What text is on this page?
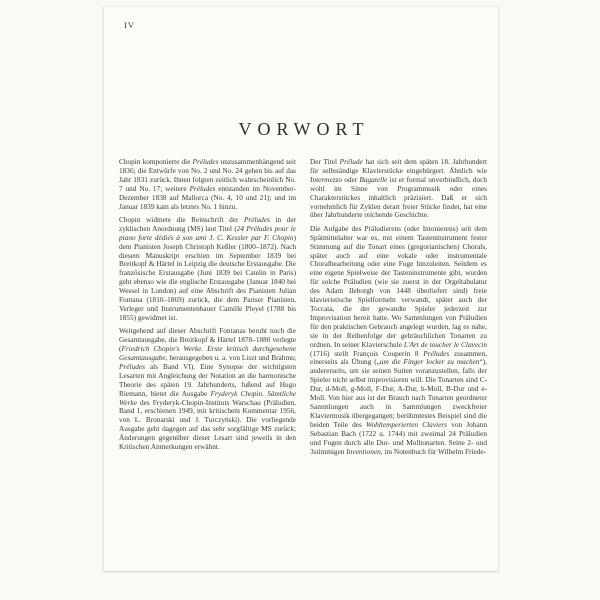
IV
VORWORT

Chopin komponierte die Préludes unzusammenhängend seit 1836; die Entwürfe von No. 2 und No. 24 gehen bis auf das Jahr 1831 zurück. Ihnen folgten zeitlich wahrscheinlich No. 7 und No. 17; weitere Préludes entstanden im November-Dezember 1838 auf Mallorca (No. 4, 10 und 21); und im Januar 1839 kam als letztes No. 1 hinzu.

Chopin widmete die Reinschrift der Préludes in der zyklischen Anordnung (MS) laut Titel (24 Préludes pour le piano forte dédiés à son ami J. C. Kessler par F. Chopin) dem Pianisten Joseph Christoph Keßler (1800–1872). Nach diesem Manuskript erschien im September 1839 bei Breitkopf & Härtel in Leipzig die deutsche Erstausgabe. Die französische Erstausgabe (Juni 1839 bei Catelin in Paris) geht ebenso wie die englische Erstausgabe (Januar 1840 bei Wessel in London) auf eine Abschrift des Pianisten Julian Fontana (1810–1869) zurück, die dem Pariser Pianisten, Verleger und Instrumentenbauer Camille Pleyel (1788 bis 1855) gewidmet ist.

Weitgehend auf dieser Abschrift Fontanas beruht noch die Gesamtausgabe, die Breitkopf & Härtel 1878–1880 verlegte (Friedrich Chopin's Werke. Erste kritisch durchgesehene Gesamtausgabe, herausgegeben u. a. von Liszt und Brahms; Préludes als Band VI). Eine Synopse der wichtigsten Lesarten mit Angleichung der Notation an die harmonische Theorie des späten 19. Jahrhunderts, fußend auf Hugo Riemann, bietet die Ausgabe Fryderyk Chopin. Sämtliche Werke des Fryderyk-Chopin-Instituts Warschau (Präludien, Band 1, erschienen 1949, mit kritischem Kommentar 1956, von L. Bronarski und J. Turczyński). Die vorliegende Ausgabe geht dagegen auf das sehr sorgfältige MS zurück; Änderungen gegenüber dieser Lesart sind jeweils in den Kritischen Anmerkungen erwähnt.

Der Titel Prélude hat sich seit dem späten 18. Jahrhundert für selbständige Klavierstücke eingebürgert. Ähnlich wie Intermezzo oder Bagatelle ist er formal unverbindlich, doch wohl im Sinne von Programmusik oder eines Charakterstückes inhaltlich präzisiert. Daß er sich vornehmlich für Zyklen derart freier Stücke findet, hat eine über Jahrhunderte reichende Geschichte.

Die Aufgabe des Präludierens (oder Intonierens) seit dem Spätmittelalter war es, mit einem Tasteninstrument fester Stimmung auf die Tonart eines (gregorianischen) Chorals, später auch auf eine vokale oder instrumentale Choralbearbeitung oder eine Fuge hinzuleiten. Seitdem es eine eigene Spielweise der Tasteninstrumente gibt, wurden für solche Präludien (wie sie zuerst in der Orgeltabulatur des Adam Ileborgh von 1448 überliefert sind) freie klavieristische Spielformeln verwandt, später auch der Toccata, die der gewandte Spieler jederzeit zur Improvisation bereit hatte. Wo Sammlungen von Präludien für den praktischen Gebrauch angelegt wurden, lag es nahe, sie in der Reihenfolge der gebräuchlichen Tonarten zu ordnen. In seiner Klavierschule L'Art de toucher le Clavecin (1716) stellt François Couperin 8 Préludes zusammen, einerseits als Übung („um die Finger locker zu machen“), andererseits, um sie seinen Suiten voranzustellen, falls der Spieler nicht selbst improvisieren will. Die Tonarten sind C-Dur, d-Moll, g-Moll, F-Dur, A-Dur, h-Moll, B-Dur und e-Moll. Von hier aus ist der Brauch nach Tonarten geordneter Sammlungen auch in Sammlungen zweckfreier Klaviermusik übergegangen; berühmtestes Beispiel sind die beiden Teile des Wohltemperierten Claviers von Johann Sebastian Bach (1722 u. 1744) mit zweimal 24 Präludien und Fugen durch alle Dur- und Molltonarten. Seine 2- und 3stimmigen Inventionen, im Notenbuch für Wilhelm Friede-
